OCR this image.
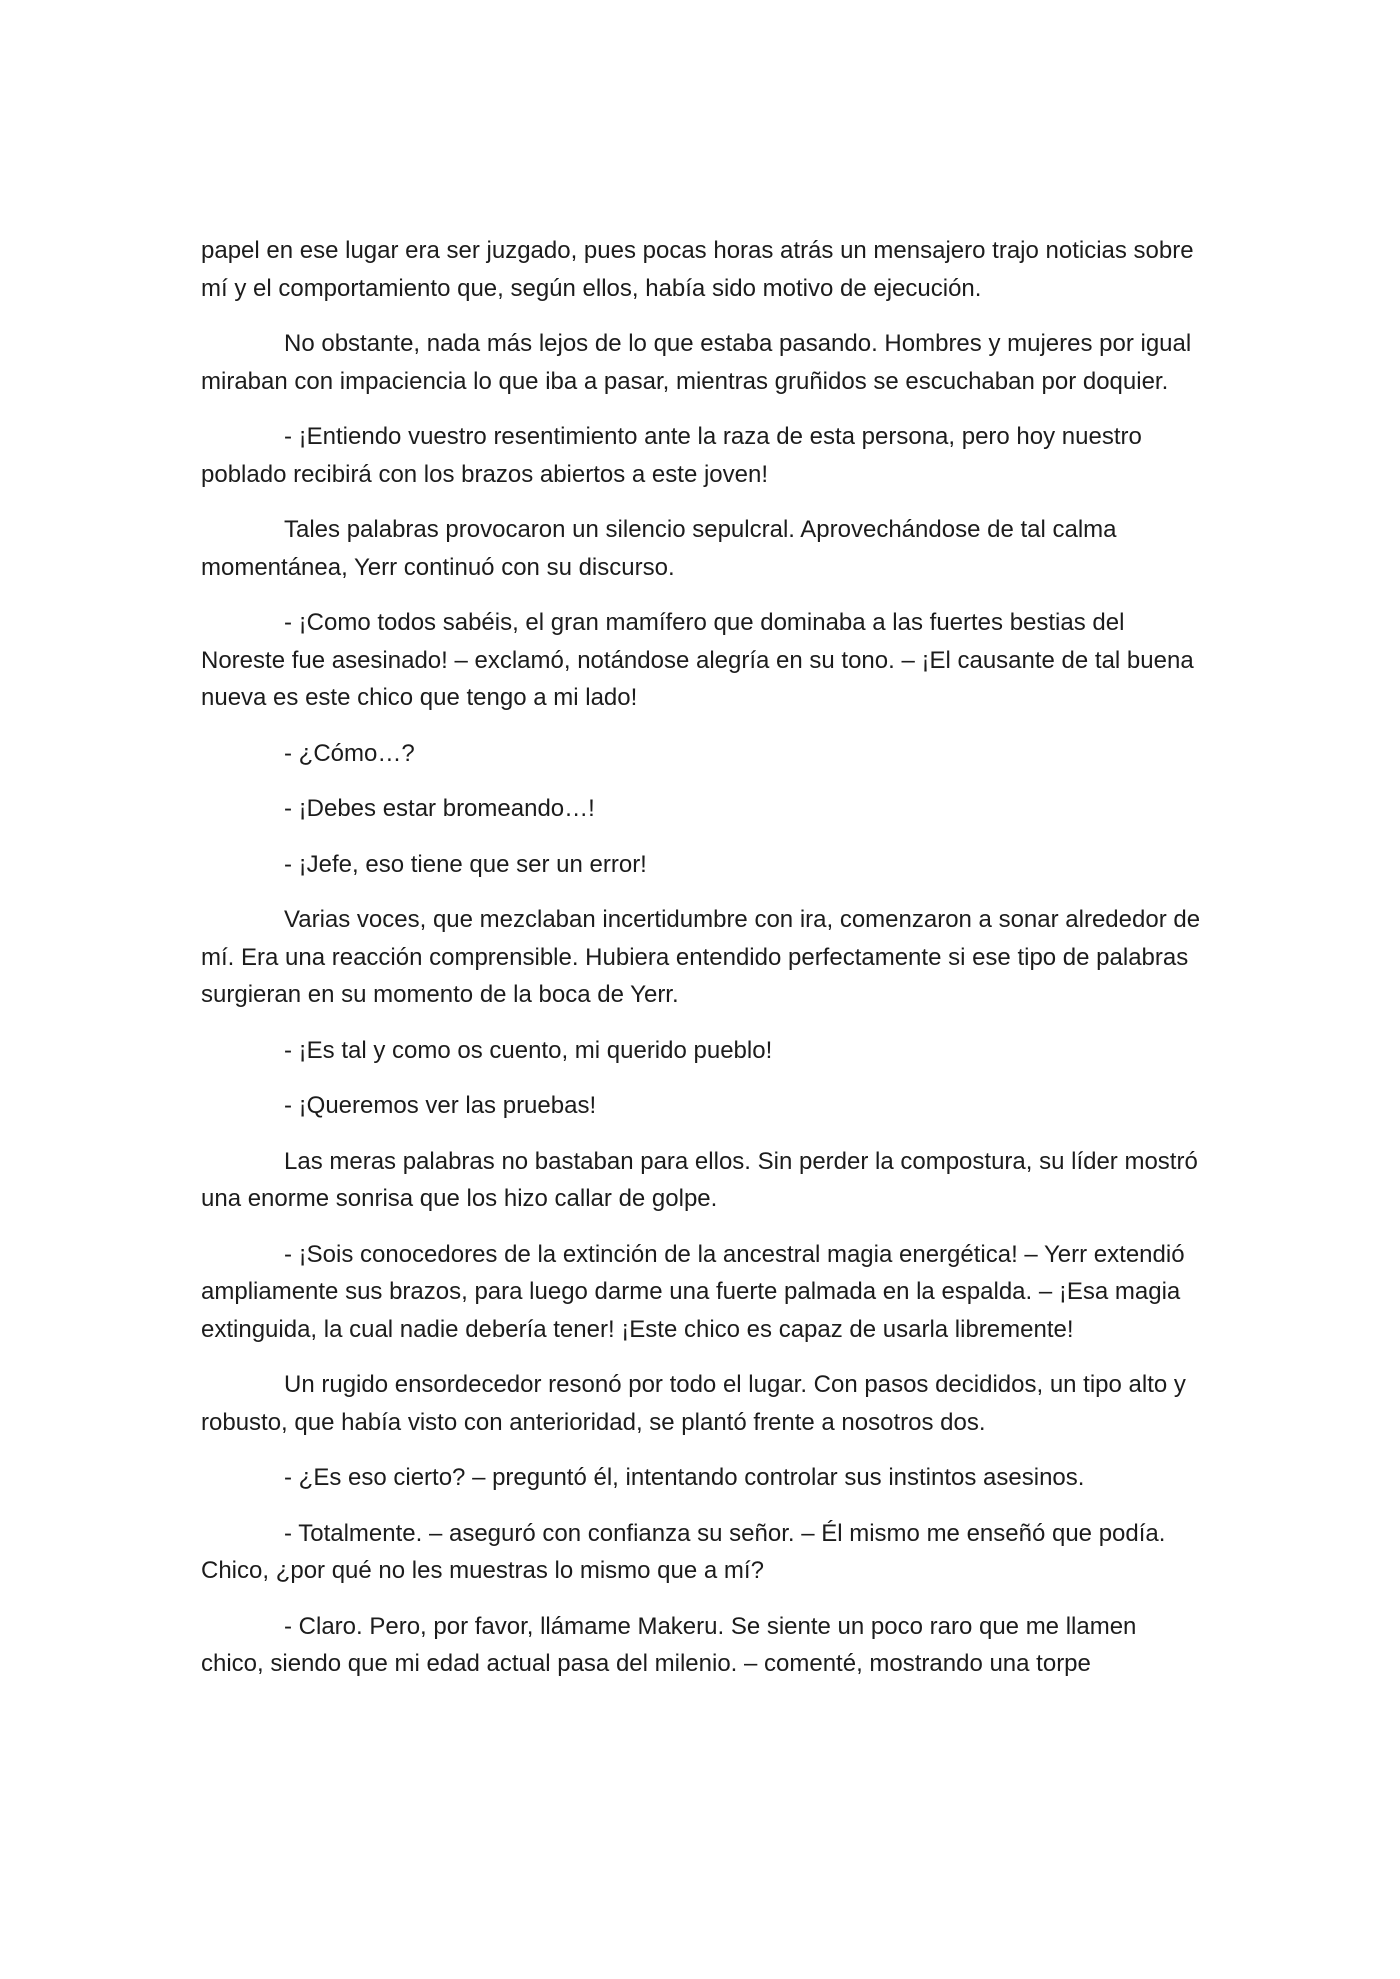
papel en ese lugar era ser juzgado, pues pocas horas atrás un mensajero trajo noticias sobre mí y el comportamiento que, según ellos, había sido motivo de ejecución.

No obstante, nada más lejos de lo que estaba pasando. Hombres y mujeres por igual miraban con impaciencia lo que iba a pasar, mientras gruñidos se escuchaban por doquier.

- ¡Entiendo vuestro resentimiento ante la raza de esta persona, pero hoy nuestro poblado recibirá con los brazos abiertos a este joven!

Tales palabras provocaron un silencio sepulcral. Aprovechándose de tal calma momentánea, Yerr continuó con su discurso.

- ¡Como todos sabéis, el gran mamífero que dominaba a las fuertes bestias del Noreste fue asesinado! – exclamó, notándose alegría en su tono. – ¡El causante de tal buena nueva es este chico que tengo a mi lado!

- ¿Cómo…?

- ¡Debes estar bromeando…!

- ¡Jefe, eso tiene que ser un error!

Varias voces, que mezclaban incertidumbre con ira, comenzaron a sonar alrededor de mí. Era una reacción comprensible. Hubiera entendido perfectamente si ese tipo de palabras surgieran en su momento de la boca de Yerr.

- ¡Es tal y como os cuento, mi querido pueblo!

- ¡Queremos ver las pruebas!

Las meras palabras no bastaban para ellos. Sin perder la compostura, su líder mostró una enorme sonrisa que los hizo callar de golpe.

- ¡Sois conocedores de la extinción de la ancestral magia energética! – Yerr extendió ampliamente sus brazos, para luego darme una fuerte palmada en la espalda. – ¡Esa magia extinguida, la cual nadie debería tener! ¡Este chico es capaz de usarla libremente!

Un rugido ensordecedor resonó por todo el lugar. Con pasos decididos, un tipo alto y robusto, que había visto con anterioridad, se plantó frente a nosotros dos.

- ¿Es eso cierto? – preguntó él, intentando controlar sus instintos asesinos.

- Totalmente. – aseguró con confianza su señor. – Él mismo me enseñó que podía. Chico, ¿por qué no les muestras lo mismo que a mí?

- Claro. Pero, por favor, llámame Makeru. Se siente un poco raro que me llamen chico, siendo que mi edad actual pasa del milenio. – comenté, mostrando una torpe
